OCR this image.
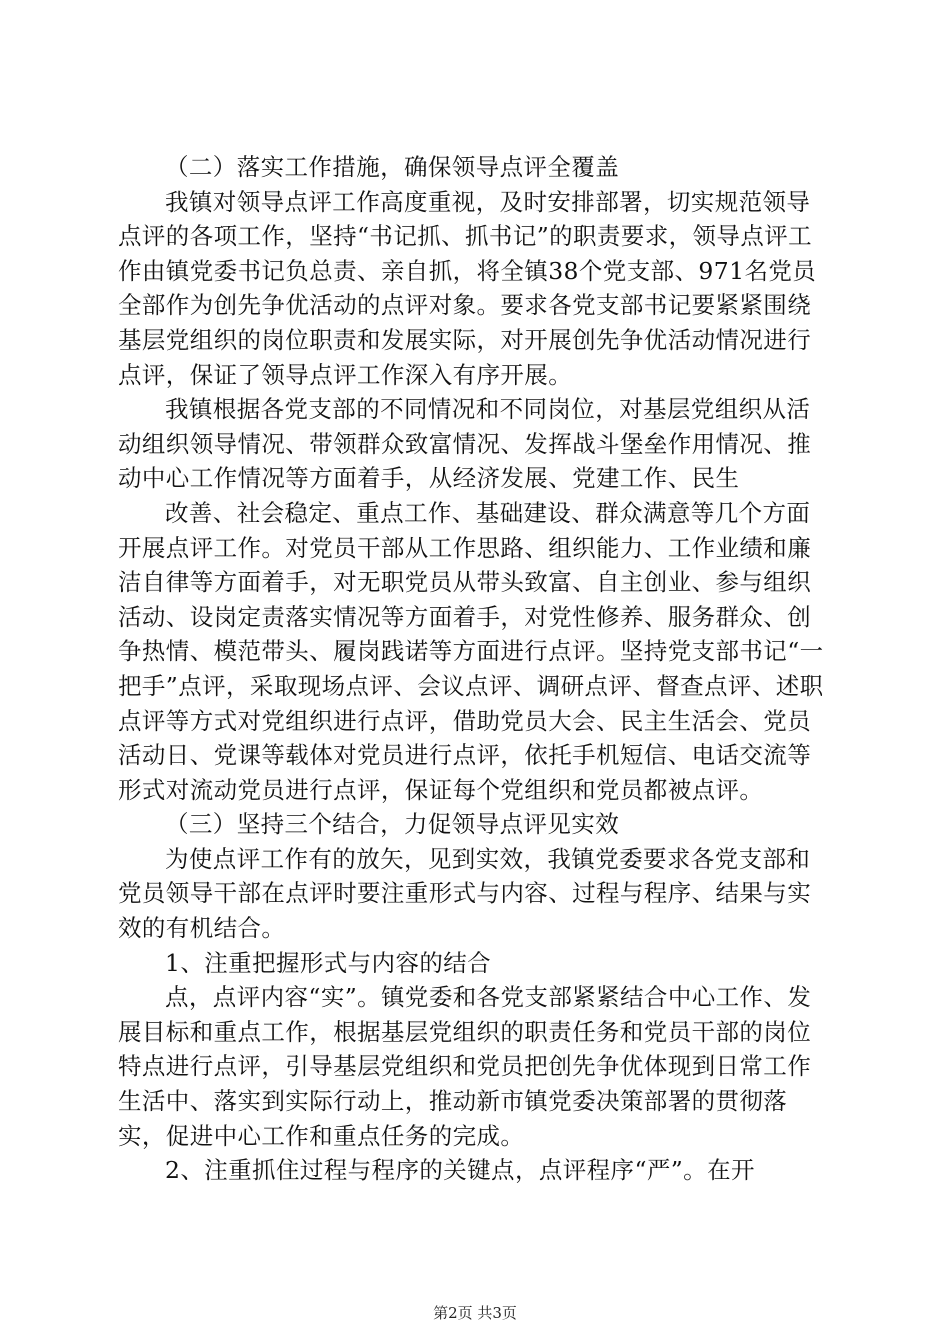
（二）落实工作措施，确保领导点评全覆盖

我镇对领导点评工作高度重视，及时安排部署，切实规范领导点评的各项工作，坚持“书记抓、抓书记”的职责要求，领导点评工作由镇党委书记负总责、亲自抓，将全镇38个党支部、971名党员全部作为创先争优活动的点评对象。要求各党支部书记要紧紧围绕基层党组织的岗位职责和发展实际，对开展创先争优活动情况进行点评，保证了领导点评工作深入有序开展。

我镇根据各党支部的不同情况和不同岗位，对基层党组织从活动组织领导情况、带领群众致富情况、发挥战斗堡垒作用情况、推动中心工作情况等方面着手，从经济发展、党建工作、民生

改善、社会稳定、重点工作、基础建设、群众满意等几个方面开展点评工作。对党员干部从工作思路、组织能力、工作业绩和廉洁自律等方面着手，对无职党员从带头致富、自主创业、参与组织活动、设岗定责落实情况等方面着手，对党性修养、服务群众、创争热情、模范带头、履岗践诺等方面进行点评。坚持党支部书记“一把手”点评，采取现场点评、会议点评、调研点评、督查点评、述职点评等方式对党组织进行点评，借助党员大会、民主生活会、党员活动日、党课等载体对党员进行点评，依托手机短信、电话交流等形式对流动党员进行点评，保证每个党组织和党员都被点评。

（三）坚持三个结合，力促领导点评见实效

为使点评工作有的放矢，见到实效，我镇党委要求各党支部和党员领导干部在点评时要注重形式与内容、过程与程序、结果与实效的有机结合。

1、注重把握形式与内容的结合

点，点评内容“实”。镇党委和各党支部紧紧结合中心工作、发展目标和重点工作，根据基层党组织的职责任务和党员干部的岗位特点进行点评，引导基层党组织和党员把创先争优体现到日常工作生活中、落实到实际行动上，推动新市镇党委决策部署的贯彻落实，促进中心工作和重点任务的完成。

2、注重抓住过程与程序的关键点，点评程序“严”。在开

第2页 共3页
